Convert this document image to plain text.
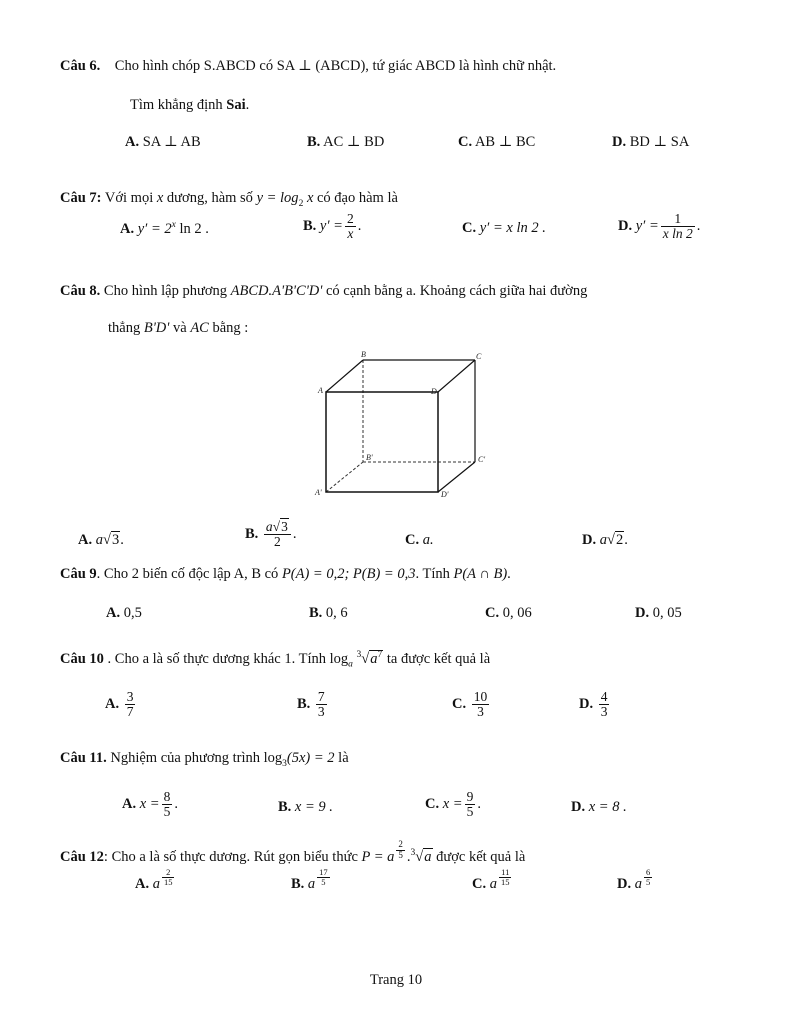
Câu 6. Cho hình chóp S.ABCD có SA ⊥ (ABCD), tứ giác ABCD là hình chữ nhật.
Tìm khẳng định Sai.
A. SA ⊥ AB	B. AC ⊥ BD	C. AB ⊥ BC	D. BD ⊥ SA
Câu 7: Với mọi x dương, hàm số $y = \log_2 x$ có đạo hàm là
A. $y' = 2^x$ ln 2 .	B. $y' = \frac{2}{x}$ .	C. y′ = x ln 2 .	D. $y' = \frac{1}{\text{x ln 2}}$ .
Câu 8. Cho hình lập phương ABCD.A'B'C'D' có cạnh bằng a. Khoảng cách giữa hai đường
thẳng B'D' và AC bằng :
B	C
A	D
B'	C'
A'	D'
A. a√3.	B. $\frac{a√3}{2}$ .	C. a.	D. a√2.
Câu 9. Cho 2 biến cố độc lập A, B có P(A) = 0,2; P(B) = 0,3. Tính P(A ∩ B).
A. 0,5	B. 0, 6	C. 0, 06	D. 0, 05
Câu 10 . Cho a là số thực dương khác 1. Tính $\log_a ^3√a^7$ ta được kết quả là
A. $\frac{3}{7}$	B. $\frac{7}{3}$	C. $\frac{10}{3}$	D. $\frac{4}{3}$
Câu 11. Nghiệm của phương trình $\log_3(5x) = 2$ là
A. $x = \frac{8}{5}$ .	B. x = 9 .	C. $x = \frac{9}{5}$ .	D. x = 8 .
Câu 12: Cho a là số thực dương. Rút gọn biểu thức P = a $^{\frac{2}{5}}$ .$^3$√a được kết quả là
A. a $^{\frac{2}{15}}$	B. a $^{\frac{17}{5}}$	C. a $^{\frac{11}{15}}$	D. a $^{\frac{6}{5}}$
Trang 10
